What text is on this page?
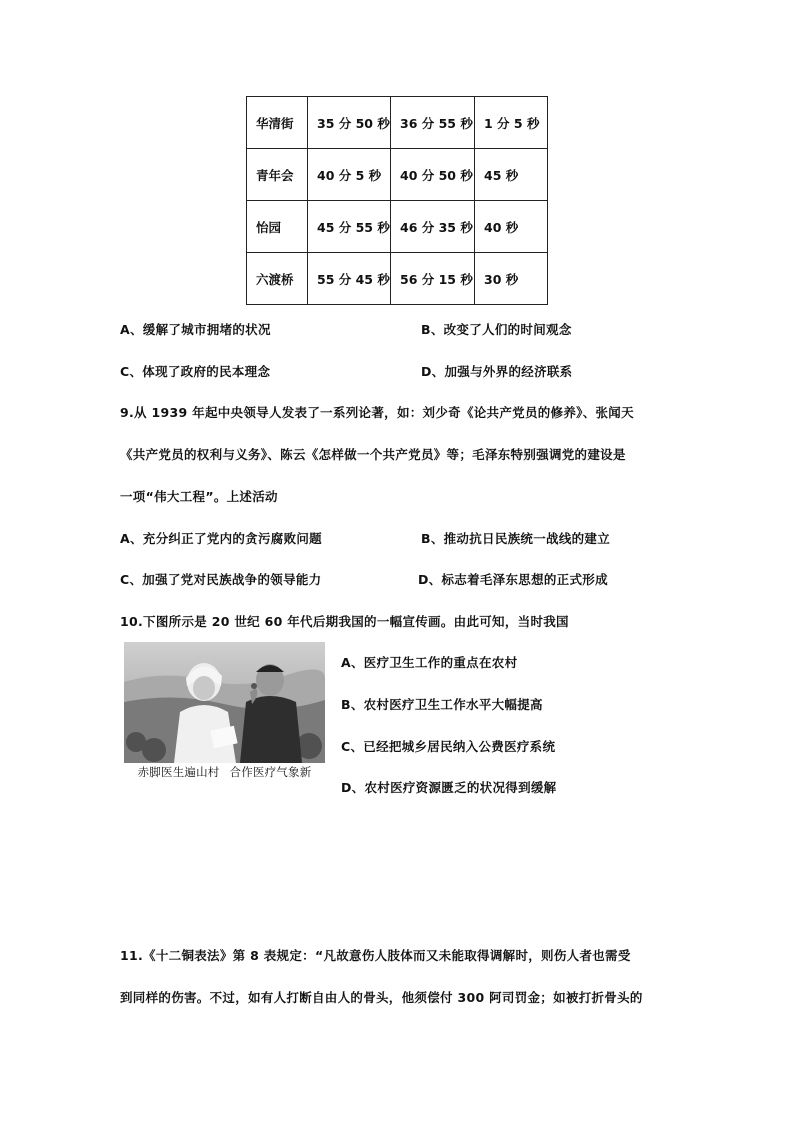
华清街	35 分 50 秒	36 分 55 秒	1 分 5 秒
青年会	40 分 5 秒	40 分 50 秒	45 秒
怡园	45 分 55 秒	46 分 35 秒	40 秒
六渡桥	55 分 45 秒	56 分 15 秒	30 秒
A、缓解了城市拥堵的状况	B、改变了人们的时间观念
C、体现了政府的民本理念	D、加强与外界的经济联系
9.从 1939 年起中央领导人发表了一系列论著，如：刘少奇《论共产党员的修养》、张闻天
《共产党员的权利与义务》、陈云《怎样做一个共产党员》等；毛泽东特别强调党的建设是
一项“伟大工程”。上述活动
A、充分纠正了党内的贪污腐败问题	B、推动抗日民族统一战线的建立
C、加强了党对民族战争的领导能力	D、标志着毛泽东思想的正式形成
10.下图所示是 20 世纪 60 年代后期我国的一幅宣传画。由此可知，当时我国
赤脚医生遍山村 合作医疗气象新
A、医疗卫生工作的重点在农村
B、农村医疗卫生工作水平大幅提高
C、已经把城乡居民纳入公费医疗系统
D、农村医疗资源匮乏的状况得到缓解
11.《十二铜表法》第 8 表规定：“凡故意伤人肢体而又未能取得调解时，则伤人者也需受
到同样的伤害。不过，如有人打断自由人的骨头，他须偿付 300 阿司罚金；如被打折骨头的
